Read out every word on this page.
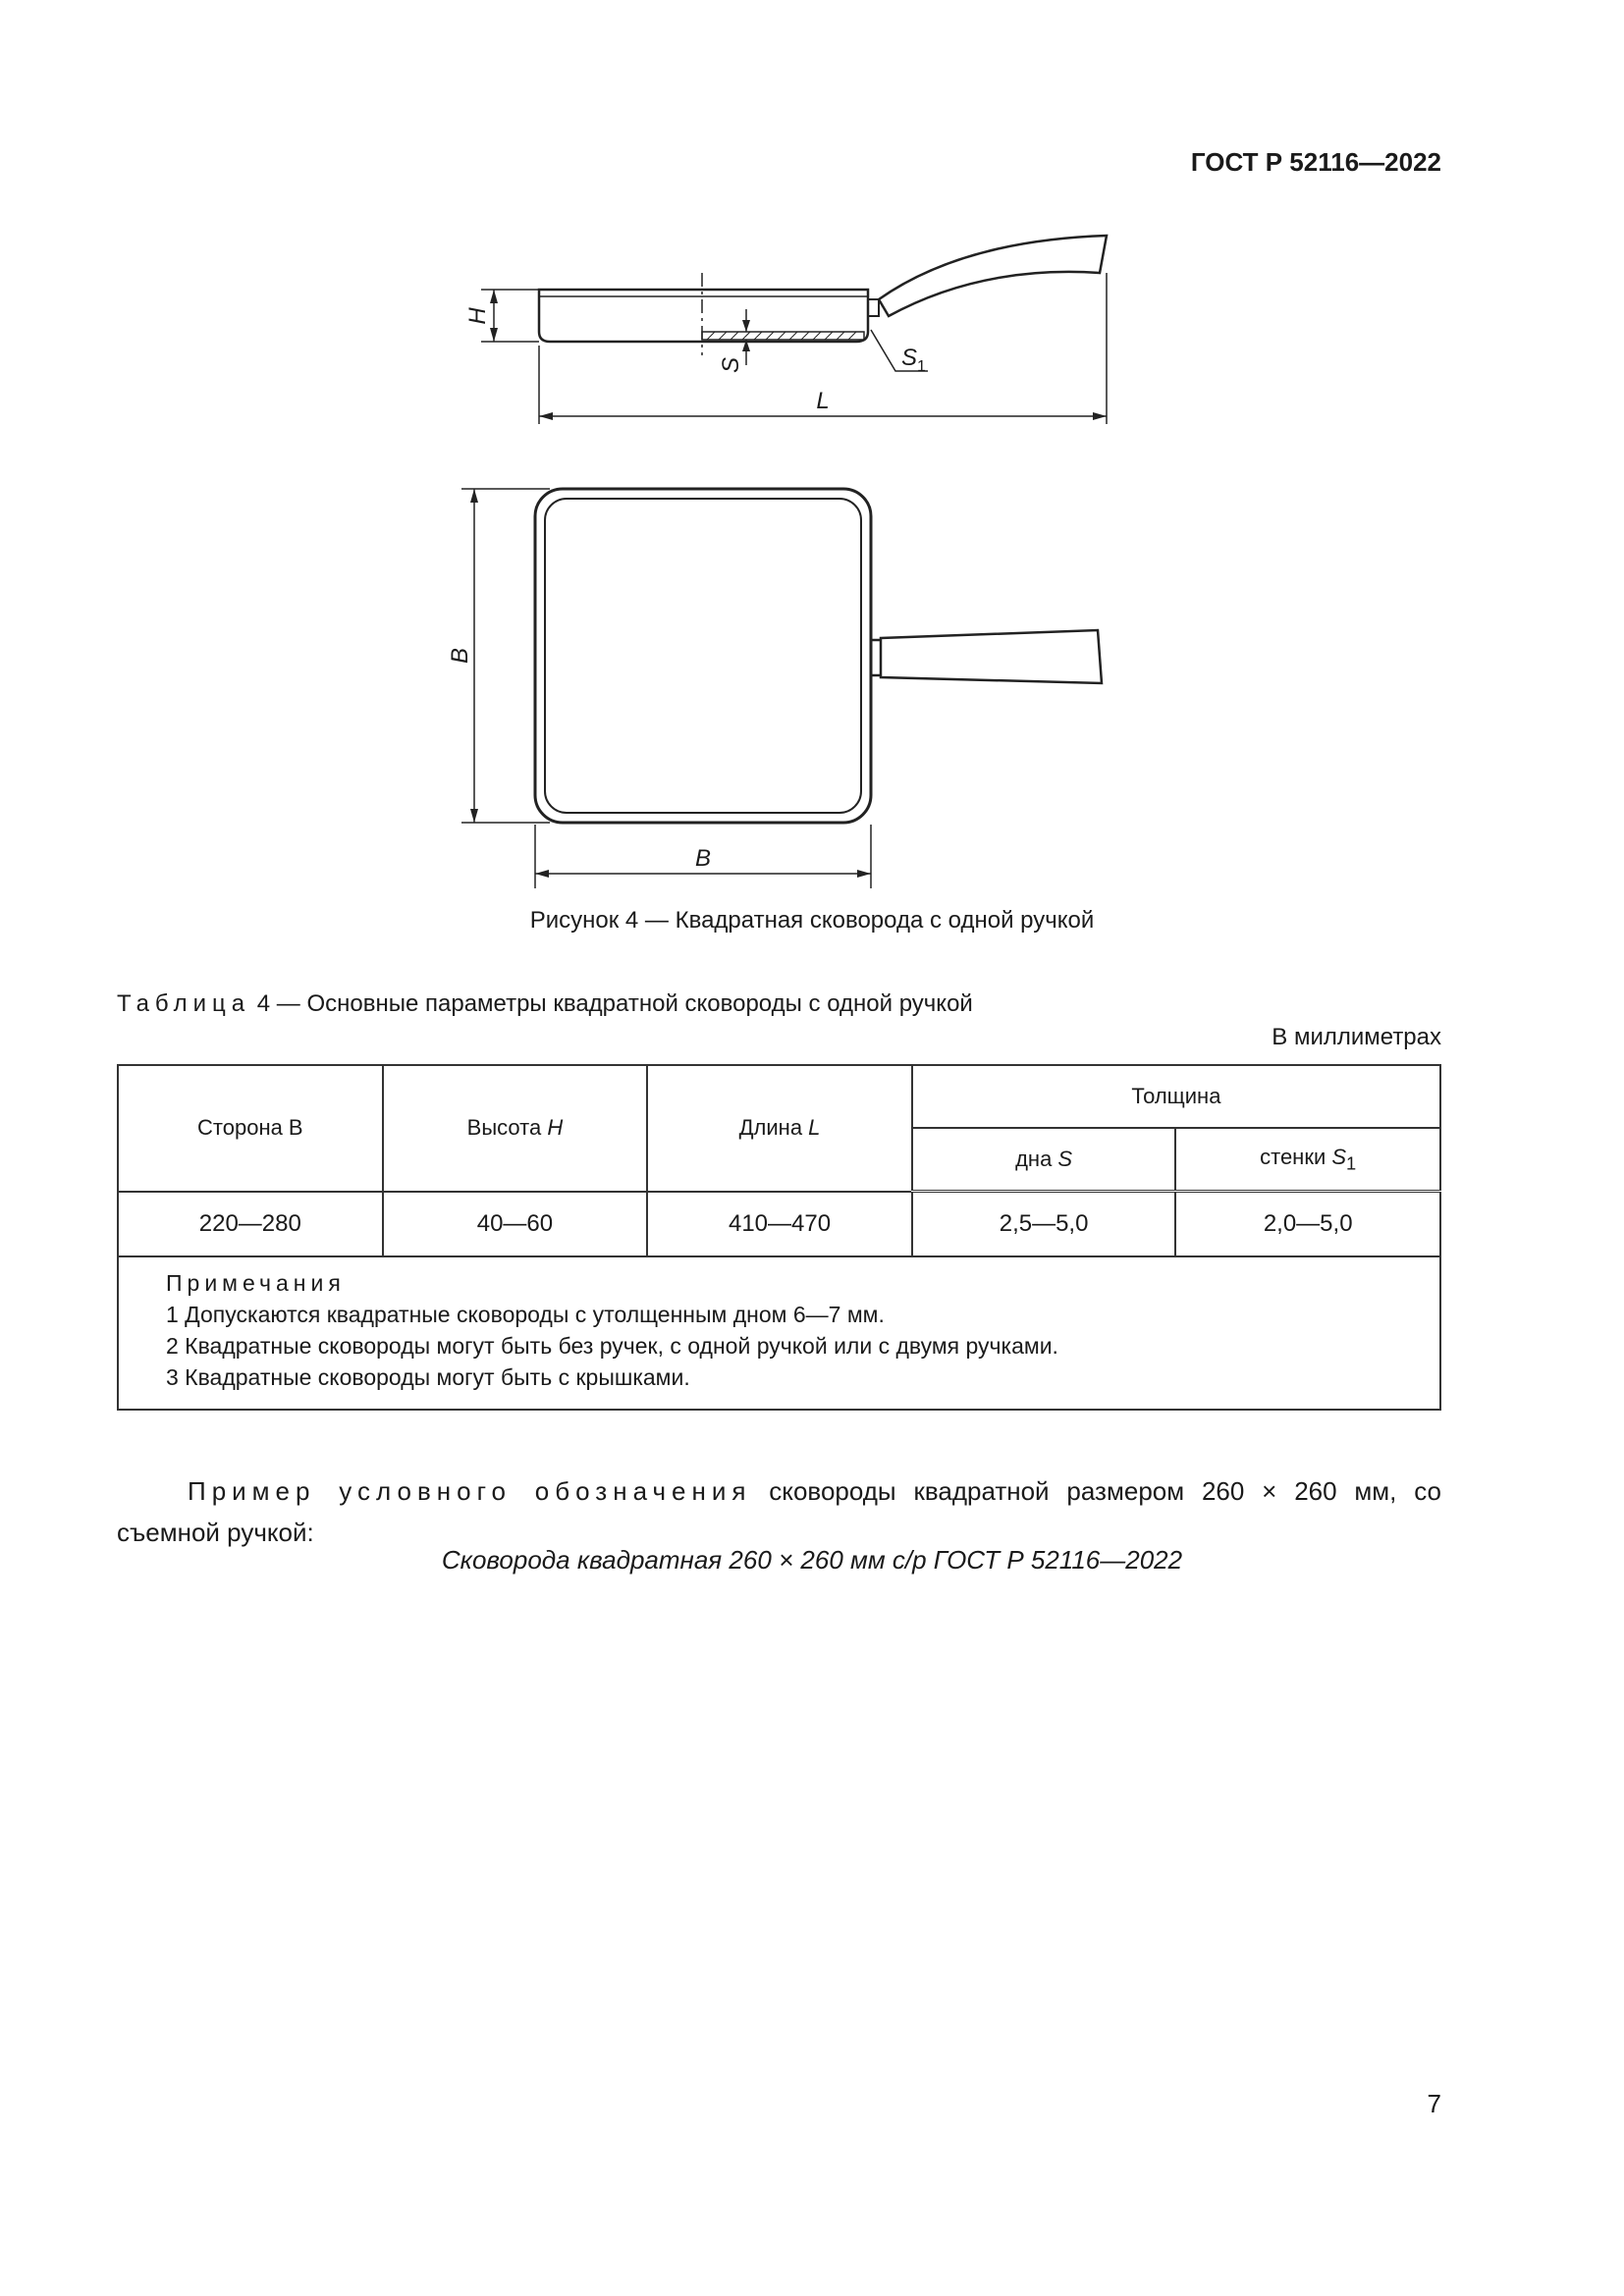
ГОСТ Р 52116—2022
H
S	$S_1$
L
B
B
Рисунок 4 — Квадратная сковорода с одной ручкой
Таблица 4 — Основные параметры квадратной сковороды с одной ручкой
В миллиметрах
Сторона B	Высота H	Длина L	Толщина	
			дна S	стенки $S_1$
220—280	40—60	410—470	2,5—5,0	2,0—5,0

Примечания
1 Допускаются квадратные сковороды с утолщенным дном 6—7 мм.
2 Квадратные сковороды могут быть без ручек, с одной ручкой или с двумя ручками.
3 Квадратные сковороды могут быть с крышками.				
Пример условного обозначения сковороды квадратной размером 260 × 260 мм, со съемной ручкой:
Сковорода квадратная 260 × 260 мм с/р ГОСТ Р 52116—2022
7
